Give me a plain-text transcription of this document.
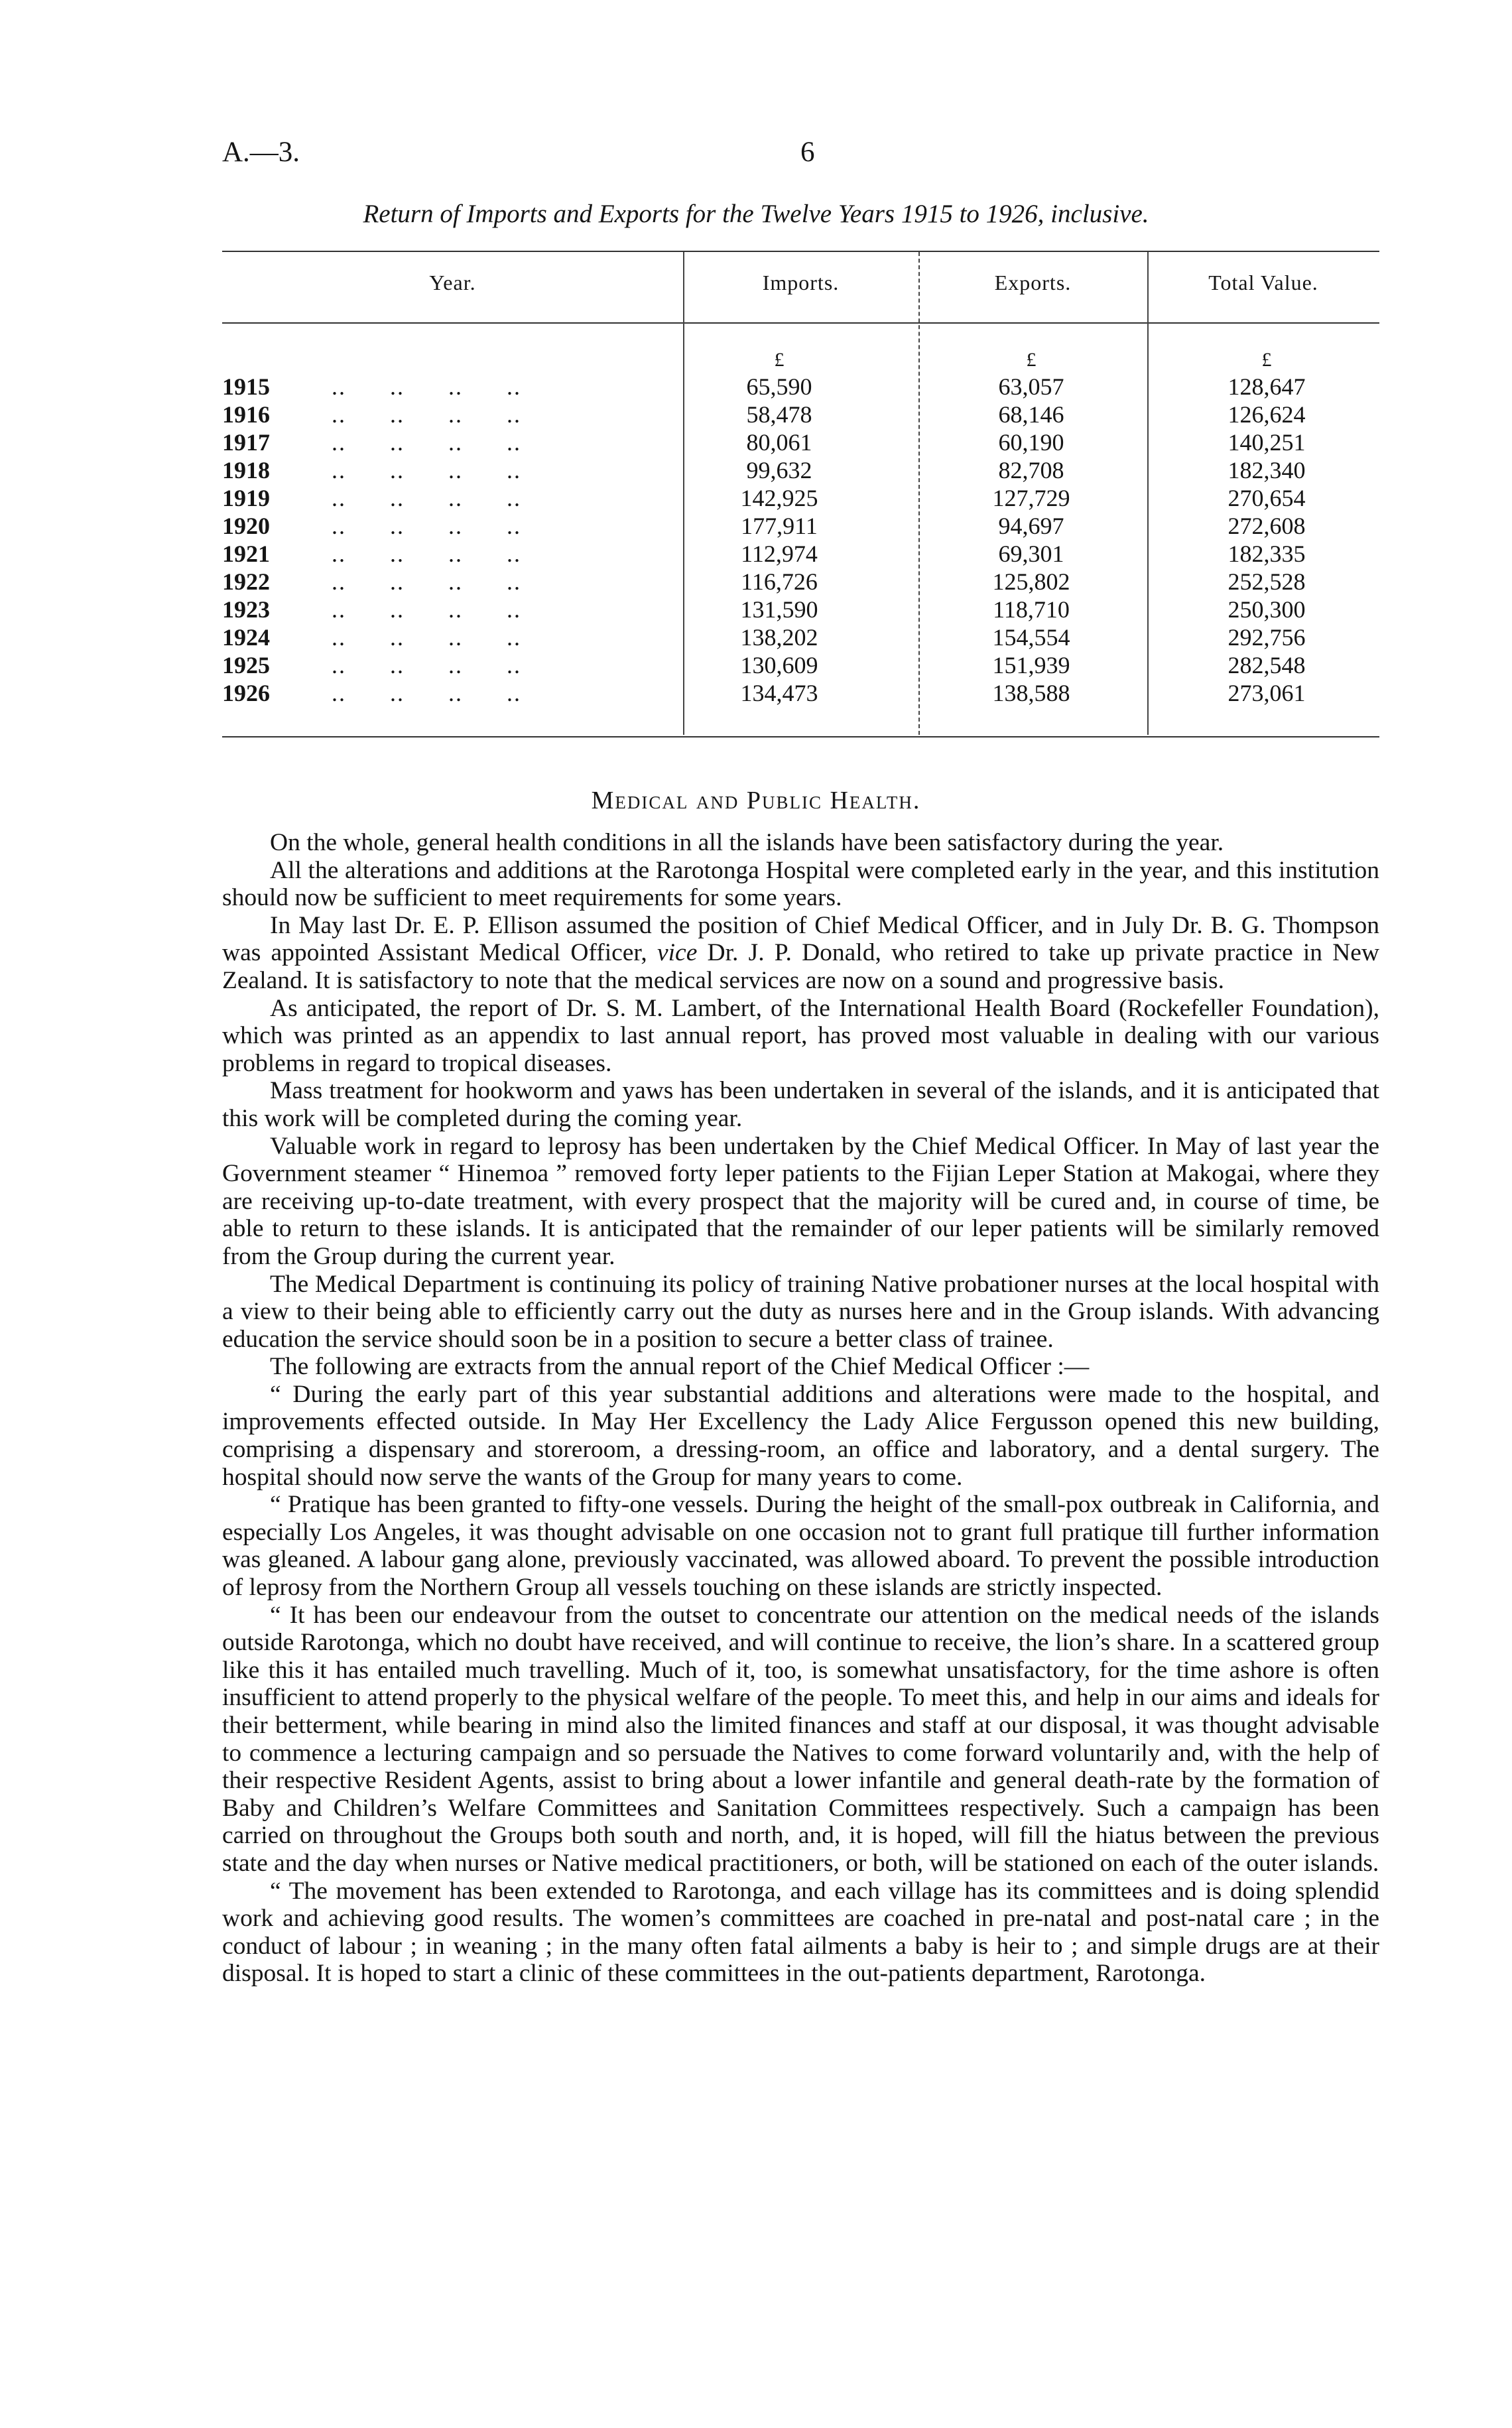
A.—3.	6
Return of Imports and Exports for the Twelve Years 1915 to 1926, inclusive.
Year.	Imports.	Exports.	Total Value.
£	£	£
1915	..      ..      ..      ..	65,590	63,057	128,647
1916	..      ..      ..      ..	58,478	68,146	126,624
1917	..      ..      ..      ..	80,061	60,190	140,251
1918	..      ..      ..      ..	99,632	82,708	182,340
1919	..      ..      ..      ..	142,925	127,729	270,654
1920	..      ..      ..      ..	177,911	94,697	272,608
1921	..      ..      ..      ..	112,974	69,301	182,335
1922	..      ..      ..      ..	116,726	125,802	252,528
1923	..      ..      ..      ..	131,590	118,710	250,300
1924	..      ..      ..      ..	138,202	154,554	292,756
1925	..      ..      ..      ..	130,609	151,939	282,548
1926	..      ..      ..      ..	134,473	138,588	273,061
Medical and Public Health.

On the whole, general health conditions in all the islands have been satisfactory during the year.

All the alterations and additions at the Rarotonga Hospital were completed early in the year, and this institution should now be sufficient to meet requirements for some years.

In May last Dr. E. P. Ellison assumed the position of Chief Medical Officer, and in July Dr. B. G. Thompson was appointed Assistant Medical Officer, vice Dr. J. P. Donald, who retired to take up private practice in New Zealand. It is satisfactory to note that the medical services are now on a sound and progressive basis.

As anticipated, the report of Dr. S. M. Lambert, of the International Health Board (Rockefeller Foundation), which was printed as an appendix to last annual report, has proved most valuable in dealing with our various problems in regard to tropical diseases.

Mass treatment for hookworm and yaws has been undertaken in several of the islands, and it is anticipated that this work will be completed during the coming year.

Valuable work in regard to leprosy has been undertaken by the Chief Medical Officer. In May of last year the Government steamer “ Hinemoa ” removed forty leper patients to the Fijian Leper Station at Makogai, where they are receiving up-to-date treatment, with every prospect that the majority will be cured and, in course of time, be able to return to these islands. It is anticipated that the remainder of our leper patients will be similarly removed from the Group during the current year.

The Medical Department is continuing its policy of training Native probationer nurses at the local hospital with a view to their being able to efficiently carry out the duty as nurses here and in the Group islands. With advancing education the service should soon be in a position to secure a better class of trainee.

The following are extracts from the annual report of the Chief Medical Officer :—

“ During the early part of this year substantial additions and alterations were made to the hospital, and improvements effected outside. In May Her Excellency the Lady Alice Fergusson opened this new building, comprising a dispensary and storeroom, a dressing-room, an office and laboratory, and a dental surgery. The hospital should now serve the wants of the Group for many years to come.

“ Pratique has been granted to fifty-one vessels. During the height of the small-pox outbreak in California, and especially Los Angeles, it was thought advisable on one occasion not to grant full pratique till further information was gleaned. A labour gang alone, previously vaccinated, was allowed aboard. To prevent the possible introduction of leprosy from the Northern Group all vessels touching on these islands are strictly inspected.

“ It has been our endeavour from the outset to concentrate our attention on the medical needs of the islands outside Rarotonga, which no doubt have received, and will continue to receive, the lion’s share. In a scattered group like this it has entailed much travelling. Much of it, too, is somewhat unsatisfactory, for the time ashore is often insufficient to attend properly to the physical welfare of the people. To meet this, and help in our aims and ideals for their betterment, while bearing in mind also the limited finances and staff at our disposal, it was thought advisable to commence a lecturing campaign and so persuade the Natives to come forward voluntarily and, with the help of their respective Resident Agents, assist to bring about a lower infantile and general death-rate by the formation of Baby and Children’s Welfare Committees and Sanitation Committees respectively. Such a campaign has been carried on throughout the Groups both south and north, and, it is hoped, will fill the hiatus between the previous state and the day when nurses or Native medical practitioners, or both, will be stationed on each of the outer islands.

“ The movement has been extended to Rarotonga, and each village has its committees and is doing splendid work and achieving good results. The women’s committees are coached in pre-natal and post-natal care ; in the conduct of labour ; in weaning ; in the many often fatal ailments a baby is heir to ; and simple drugs are at their disposal. It is hoped to start a clinic of these committees in the out-patients department, Rarotonga.
